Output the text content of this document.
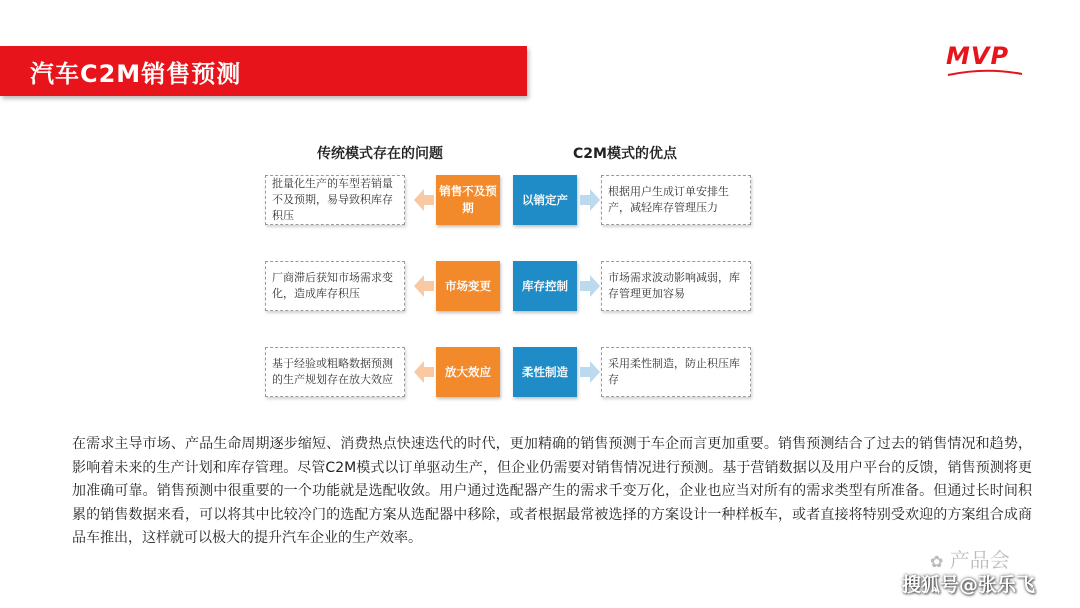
汽车C2M销售预测
MVP
传统模式存在的问题	C2M模式的优点
批量化生产的车型若销量不及预期，易导致积库存积压
销售不及预期
以销定产
根据用户生成订单安排生产，减轻库存管理压力
厂商滞后获知市场需求变化，造成库存积压
市场变更	库存控制
市场需求波动影响减弱，库存管理更加容易
基于经验或粗略数据预测的生产规划存在放大效应
放大效应	柔性制造
采用柔性制造，防止积压库存
在需求主导市场、产品生命周期逐步缩短、消费热点快速迭代的时代，更加精确的销售预测于车企而言更加重要。销售预测结合了过去的销售情况和趋势，影响着未来的生产计划和库存管理。尽管C2M模式以订单驱动生产，但企业仍需要对销售情况进行预测。基于营销数据以及用户平台的反馈，销售预测将更加准确可靠。销售预测中很重要的一个功能就是选配收敛。用户通过选配器产生的需求千变万化，企业也应当对所有的需求类型有所准备。但通过长时间积累的销售数据来看，可以将其中比较冷门的选配方案从选配器中移除，或者根据最常被选择的方案设计一种样板车，或者直接将特别受欢迎的方案组合成商品车推出，这样就可以极大的提升汽车企业的生产效率。
✿ 产品会
搜狐号@张乐飞
